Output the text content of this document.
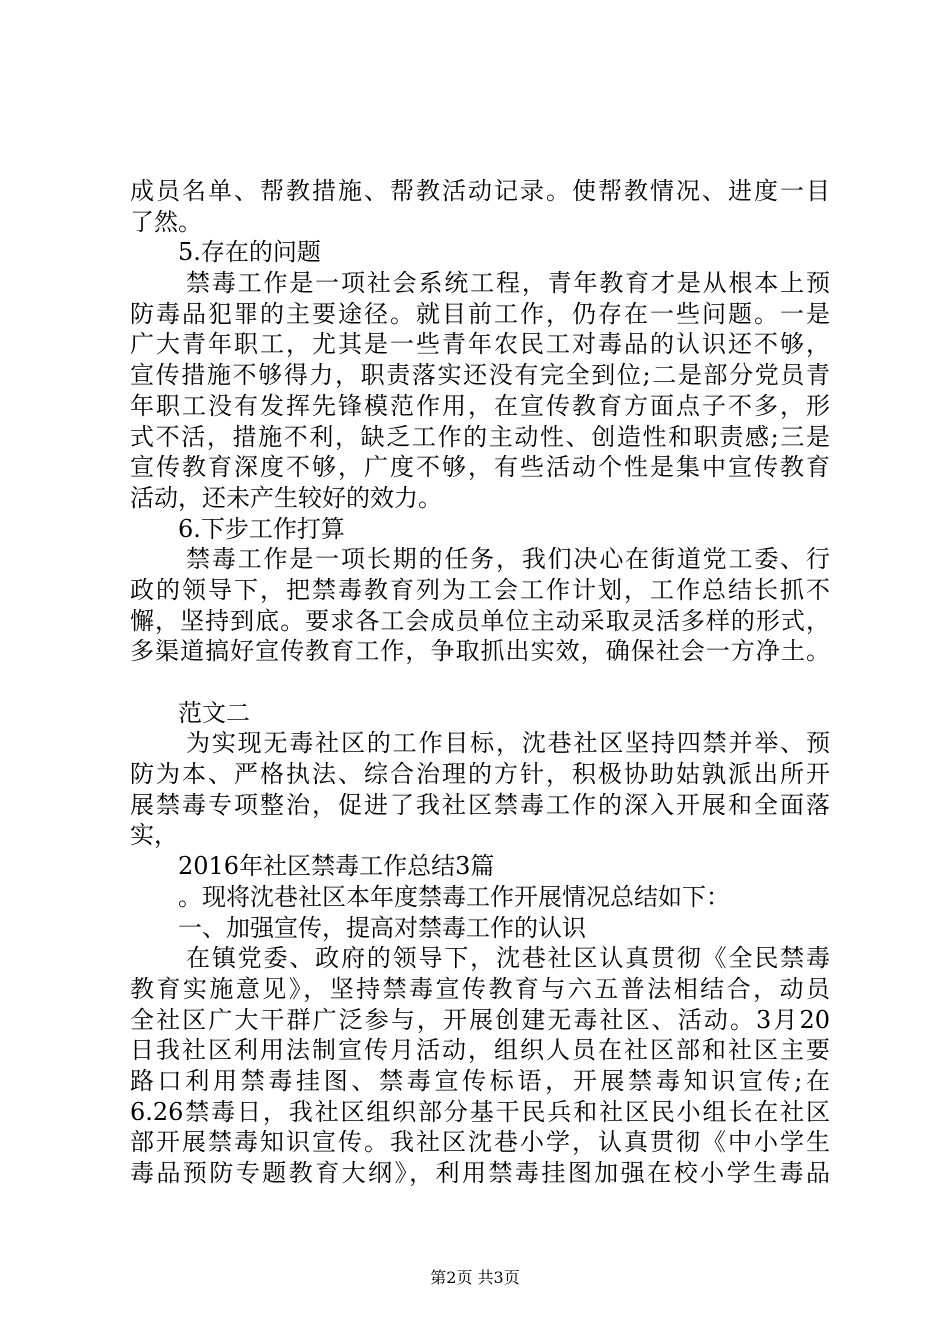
成员名单、帮教措施、帮教活动记录。使帮教情况、进度一目
了然。
5.存在的问题
禁毒工作是一项社会系统工程，青年教育才是从根本上预
防毒品犯罪的主要途径。就目前工作，仍存在一些问题。一是
广大青年职工，尤其是一些青年农民工对毒品的认识还不够，
宣传措施不够得力，职责落实还没有完全到位;二是部分党员青
年职工没有发挥先锋模范作用，在宣传教育方面点子不多，形
式不活，措施不利，缺乏工作的主动性、创造性和职责感;三是
宣传教育深度不够，广度不够，有些活动个性是集中宣传教育
活动，还未产生较好的效力。
6.下步工作打算
禁毒工作是一项长期的任务，我们决心在街道党工委、行
政的领导下，把禁毒教育列为工会工作计划，工作总结长抓不
懈，坚持到底。要求各工会成员单位主动采取灵活多样的形式，
多渠道搞好宣传教育工作，争取抓出实效，确保社会一方净土。
范文二
为实现无毒社区的工作目标，沈巷社区坚持四禁并举、预
防为本、严格执法、综合治理的方针，积极协助姑孰派出所开
展禁毒专项整治，促进了我社区禁毒工作的深入开展和全面落
实，
2016年社区禁毒工作总结3篇
。现将沈巷社区本年度禁毒工作开展情况总结如下：
一、加强宣传，提高对禁毒工作的认识
在镇党委、政府的领导下，沈巷社区认真贯彻《全民禁毒
教育实施意见》，坚持禁毒宣传教育与六五普法相结合，动员
全社区广大干群广泛参与，开展创建无毒社区、活动。3月20
日我社区利用法制宣传月活动，组织人员在社区部和社区主要
路口利用禁毒挂图、禁毒宣传标语，开展禁毒知识宣传;在
6.26禁毒日，我社区组织部分基干民兵和社区民小组长在社区
部开展禁毒知识宣传。我社区沈巷小学，认真贯彻《中小学生
毒品预防专题教育大纲》，利用禁毒挂图加强在校小学生毒品
第2页 共3页
